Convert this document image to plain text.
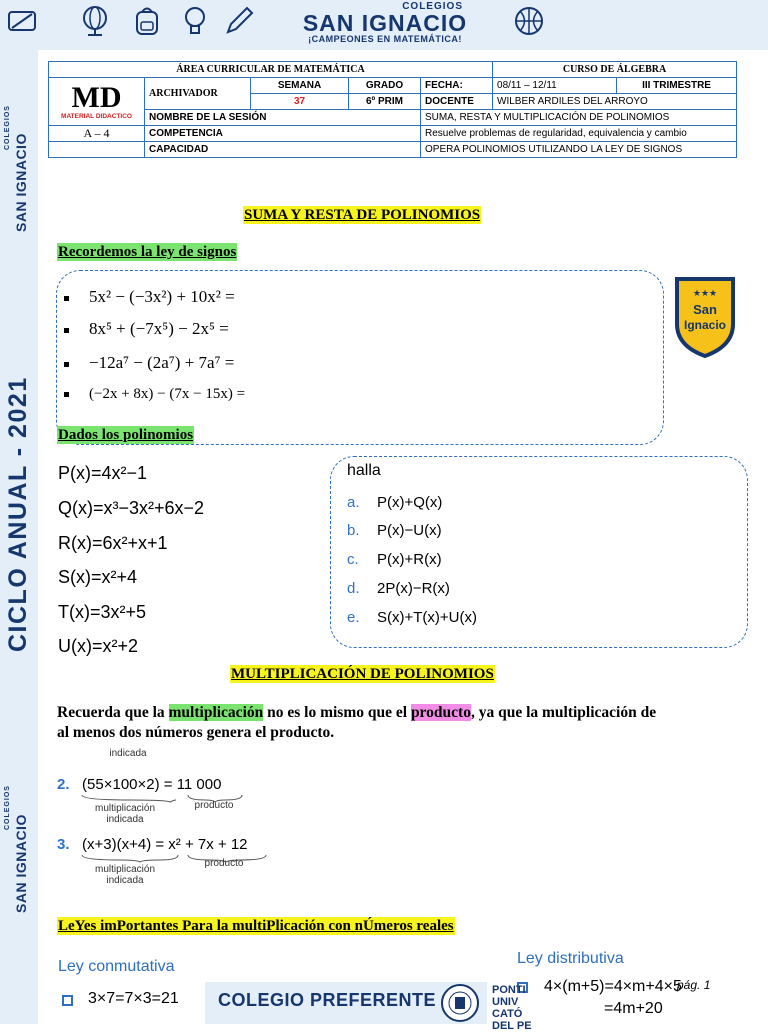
COLEGIOS
SAN IGNACIO
¡CAMPEONES EN MATEMÁTICA!
COLEGIOS
SAN IGNACIO
CICLO ANUAL - 2021
COLEGIOS
SAN IGNACIO
ÁREA CURRICULAR DE MATEMÁTICA					CURSO DE ÁLGEBRA	

MD
MATERIAL DIDACTICO	ARCHIVADOR	SEMANA	GRADO	FECHA:	08/11 – 12/11	III TRIMESTRE
		37	6º PRIM	DOCENTE	WILBER ARDILES DEL ARROYO	
	NOMBRE DE LA SESIÓN			SUMA, RESTA Y MULTIPLICACIÓN DE POLINOMIOS		
A – 4	COMPETENCIA			Resuelve problemas de regularidad, equivalencia y cambio		
	CAPACIDAD			OPERA POLINOMIOS UTILIZANDO LA LEY DE SIGNOS		
SUMA Y RESTA DE POLINOMIOS
Recordemos la ley de signos
5x² − (−3x²) + 10x² =
8x⁵ + (−7x⁵) − 2x⁵ =
−12a⁷ − (2a⁷) + 7a⁷ =
(−2x + 8x) − (7x − 15x) =
★★★
San
Ignacio
Dados los polinomios
P(x)=4x²−1
Q(x)=x³−3x²+6x−2
R(x)=6x²+x+1
S(x)=x²+4
T(x)=3x²+5
U(x)=x²+2
halla
a. P(x)+Q(x)
b. P(x)−U(x)
c. P(x)+R(x)
d. 2P(x)−R(x)
e. S(x)+T(x)+U(x)
MULTIPLICACIÓN DE POLINOMIOS
Recuerda que la multiplicación no es lo mismo que el producto, ya que la multiplicación de al menos dos números genera el producto.
indicada
2. (55×100×2) = 11 000
multiplicación indicada
producto
3. (x+3)(x+4) = x² + 7x + 12
multiplicación indicada
producto
LeYes imPortantes Para la multiPlicación con nÚmeros reales
Ley conmutativa
3×7=7×3=21
Ley distributiva
4×(m+5)=4×m+4×5
=4m+20
COLEGIO PREFERENTE	PONTI
UNIV
CATÓ
DEL PE
pág. 1
